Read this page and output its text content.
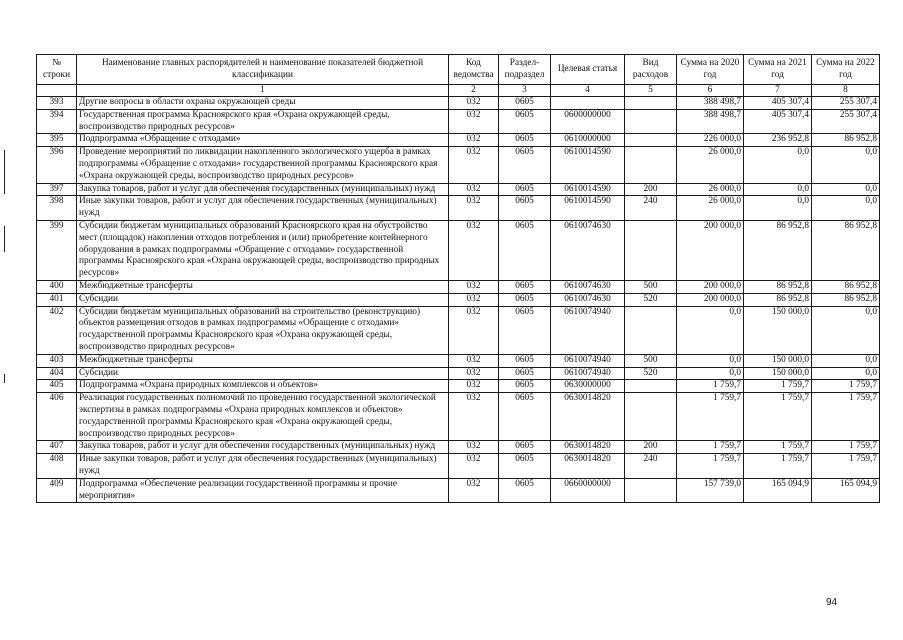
№ строки	Наименование главных распорядителей и наименование показателей бюджетной классификации	Код ведомства	Раздел-подраздел	Целевая статья	Вид расходов	Сумма на 2020 год	Сумма на 2021 год	Сумма на 2022 год
	1	2	3	4	5	6	7	8
393	Другие вопросы в области охраны окружающей среды	032	0605			388 498,7	405 307,4	255 307,4
394	Государственная программа Красноярского края «Охрана окружающей среды, воспроизводство природных ресурсов»	032	0605	0600000000		388 498,7	405 307,4	255 307,4
395	Подпрограмма «Обращение с отходами»	032	0605	0610000000		226 000,0	236 952,8	86 952,8
396	Проведение мероприятий по ликвидации накопленного экологического ущерба в рамках подпрограммы «Обращение с отходами» государственной программы Красноярского края «Охрана окружающей среды, воспроизводство природных ресурсов»	032	0605	0610014590		26 000,0	0,0	0,0
397	Закупка товаров, работ и услуг для обеспечения государственных (муниципальных) нужд	032	0605	0610014590	200	26 000,0	0,0	0,0
398	Иные закупки товаров, работ и услуг для обеспечения государственных (муниципальных) нужд	032	0605	0610014590	240	26 000,0	0,0	0,0
399	Субсидии бюджетам муниципальных образований Красноярского края на обустройство мест (площадок) накопления отходов потребления и (или) приобретение контейнерного оборудования в рамках подпрограммы «Обращение с отходами» государственной программы Красноярского края «Охрана окружающей среды, воспроизводство природных ресурсов»	032	0605	0610074630		200 000,0	86 952,8	86 952,8
400	Межбюджетные трансферты	032	0605	0610074630	500	200 000,0	86 952,8	86 952,8
401	Субсидии	032	0605	0610074630	520	200 000,0	86 952,8	86 952,8
402	Субсидии бюджетам муниципальных образований на строительство (реконструкцию) объектов размещения отходов в рамках подпрограммы «Обращение с отходами» государственной программы Красноярского края «Охрана окружающей среды, воспроизводство природных ресурсов»	032	0605	0610074940		0,0	150 000,0	0,0
403	Межбюджетные трансферты	032	0605	0610074940	500	0,0	150 000,0	0,0
404	Субсидии	032	0605	0610074940	520	0,0	150 000,0	0,0
405	Подпрограмма «Охрана природных комплексов и объектов»	032	0605	0630000000		1 759,7	1 759,7	1 759,7
406	Реализация государственных полномочий по проведению государственной экологической экспертизы в рамках подпрограммы «Охрана природных комплексов и объектов» государственной программы Красноярского края «Охрана окружающей среды, воспроизводство природных ресурсов»	032	0605	0630014820		1 759,7	1 759,7	1 759,7
407	Закупка товаров, работ и услуг для обеспечения государственных (муниципальных) нужд	032	0605	0630014820	200	1 759,7	1 759,7	1 759,7
408	Иные закупки товаров, работ и услуг для обеспечения государственных (муниципальных) нужд	032	0605	0630014820	240	1 759,7	1 759,7	1 759,7
409	Подпрограмма «Обеспечение реализации государственной программы и прочие мероприятия»	032	0605	0660000000		157 739,0	165 094,9	165 094,9
94
